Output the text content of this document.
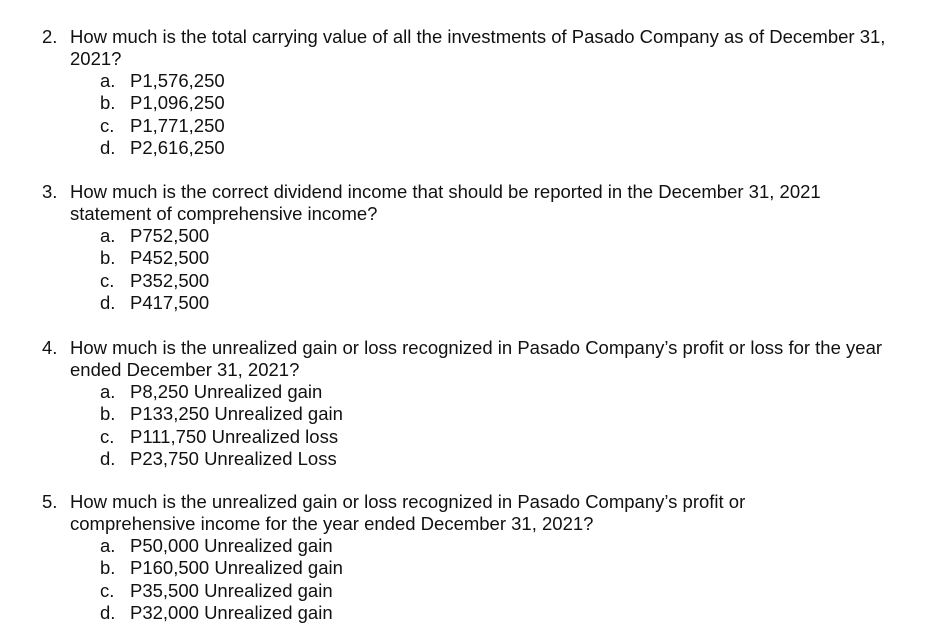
2. How much is the total carrying value of all the investments of Pasado Company as of December 31, 2021?
a. P1,576,250
b. P1,096,250
c. P1,771,250
d. P2,616,250
3. How much is the correct dividend income that should be reported in the December 31, 2021 statement of comprehensive income?
a. P752,500
b. P452,500
c. P352,500
d. P417,500
4. How much is the unrealized gain or loss recognized in Pasado Company’s profit or loss for the year ended December 31, 2021?
a. P8,250 Unrealized gain
b. P133,250 Unrealized gain
c. P111,750 Unrealized loss
d. P23,750 Unrealized Loss
5. How much is the unrealized gain or loss recognized in Pasado Company’s profit or comprehensive income for the year ended December 31, 2021?
a. P50,000 Unrealized gain
b. P160,500 Unrealized gain
c. P35,500 Unrealized gain
d. P32,000 Unrealized gain
